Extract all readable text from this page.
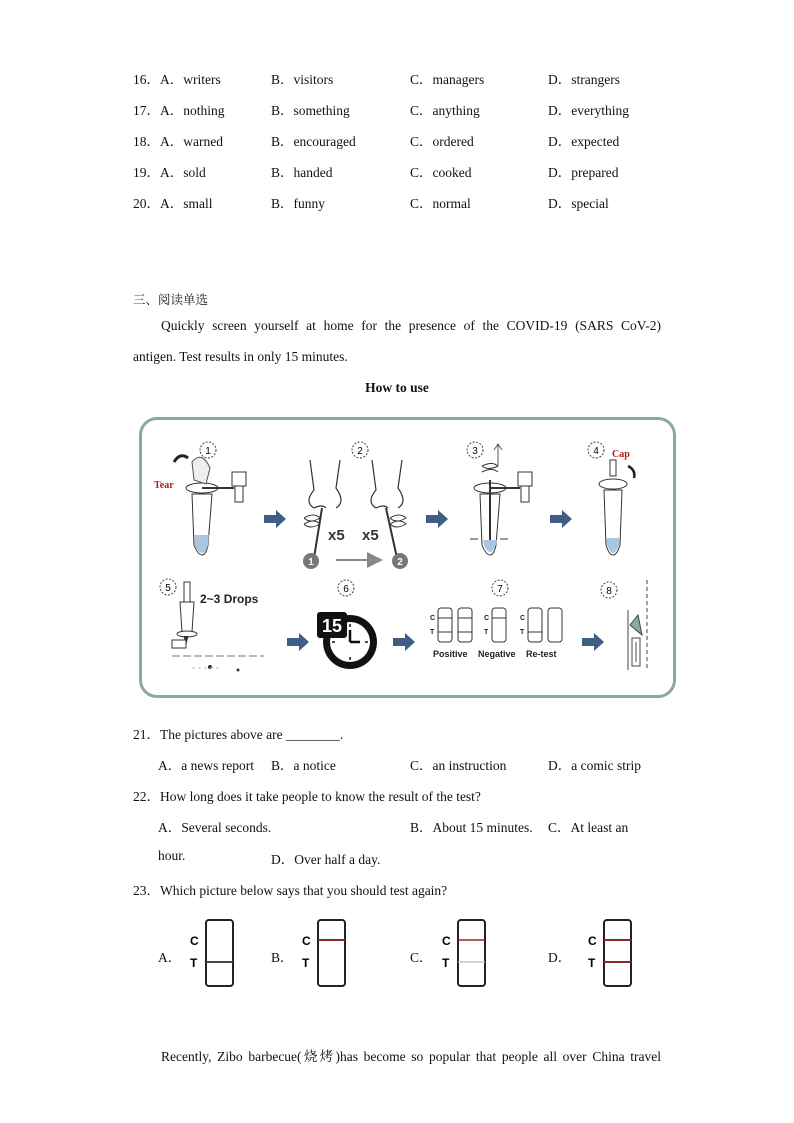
16． A．writers	B．visitors	C．managers	D．strangers
17． A．nothing	B．something	C．anything	D．everything
18． A．warned	B．encouraged	C．ordered	D．expected
19． A．sold	B．handed	C．cooked	D．prepared
20． A．small	B．funny	C．normal	D．special
三、阅读单选
Quickly screen yourself at home for the presence of the COVID-19 (SARS CoV-2)
antigen. Test results in only 15 minutes.
How to use
1	2	3	4
5	6	7	8
Tear
x5 x5
1	2
Cap
2~3 Drops
15	C
T
C
T
C
T
Positive Negative Re-test
21．The pictures above are ________.
A．a news report B．a notice	C．an instruction	D．a comic strip
22．How long does it take people to know the result of the test?
A．Several seconds.	B．About 15 minutes. C．At least an
hour.	D．Over half a day.
23．Which picture below says that you should test again?
A．
C
T	B．
C
T	C．
C
T	D．
C
T
Recently, Zibo barbecue(烧烤)has become so popular that people all over China travel
